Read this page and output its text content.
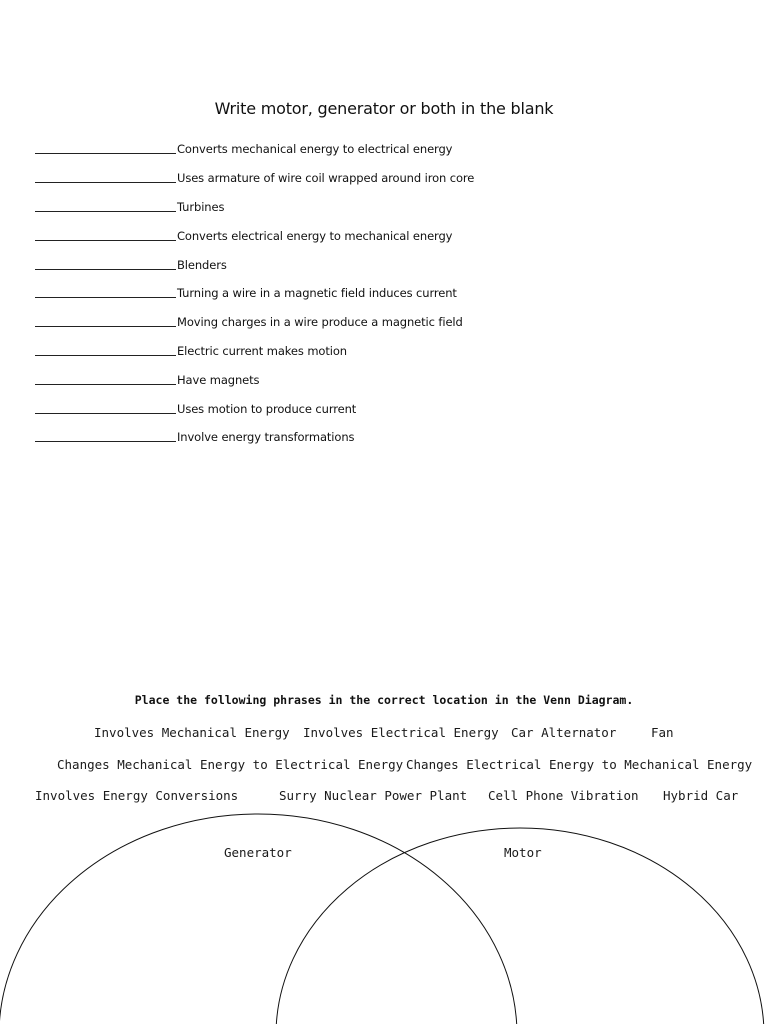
Write motor, generator or both in the blank
Converts mechanical energy to electrical energy
Uses armature of wire coil wrapped around iron core
Turbines
Converts electrical energy to mechanical energy
Blenders
Turning a wire in a magnetic field induces current
Moving charges in a wire produce a magnetic field
Electric current makes motion
Have magnets
Uses motion to produce current
Involve energy transformations
Place the following phrases in the correct location in the Venn Diagram.
Involves Mechanical Energy Involves Electrical Energy Car Alternator	Fan
Changes Mechanical Energy to Electrical Energy Changes Electrical Energy to Mechanical Energy
Involves Energy Conversions	Surry Nuclear Power Plant Cell Phone Vibration Hybrid Car
Generator	Motor
